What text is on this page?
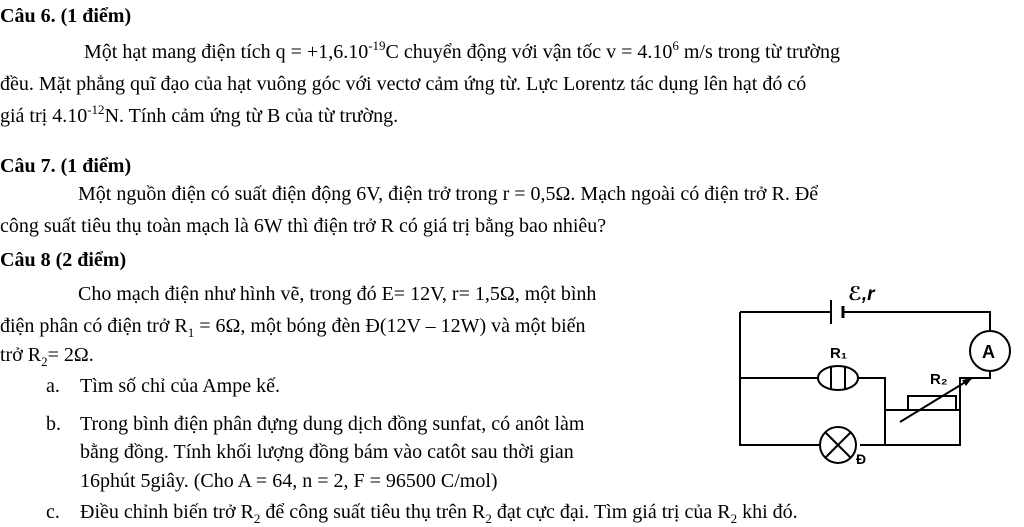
Câu 6. (1 điểm)
Một hạt mang điện tích $q = +1,6.10^{-19}C$ chuyển động với vận tốc $v = 4.10^6$ m/s trong từ trường
đều. Mặt phẳng quĩ đạo của hạt vuông góc với vectơ cảm ứng từ. Lực Lorentz tác dụng lên hạt đó có
giá trị $4.10^{-12}N$. Tính cảm ứng từ B của từ trường.
Câu 7. (1 điểm)
Một nguồn điện có suất điện động 6V, điện trở trong r = 0,5Ω. Mạch ngoài có điện trở R. Để
công suất tiêu thụ toàn mạch là 6W thì điện trở R có giá trị bằng bao nhiêu?
Câu 8 (2 điểm)
Cho mạch điện như hình vẽ, trong đó E= 12V, r= 1,5Ω, một bình
điện phân có điện trở $R_1 = 6\Omega$, một bóng đèn Đ(12V – 12W) và một biến
trở $R_2= 2\Omega$.
a. Tìm số chỉ của Ampe kế.
b. Trong bình điện phân đựng dung dịch đồng sunfat, có anôt làm
bằng đồng. Tính khối lượng đồng bám vào catôt sau thời gian
16phút 5giây. (Cho A = 64, n = 2, F = 96500 C/mol)
c. Điều chỉnh biến trở $R_2$ để công suất tiêu thụ trên $R_2$ đạt cực đại. Tìm giá trị của $R_2$ khi đó.
ℰ,r
A
R₁
R₂
Đ
